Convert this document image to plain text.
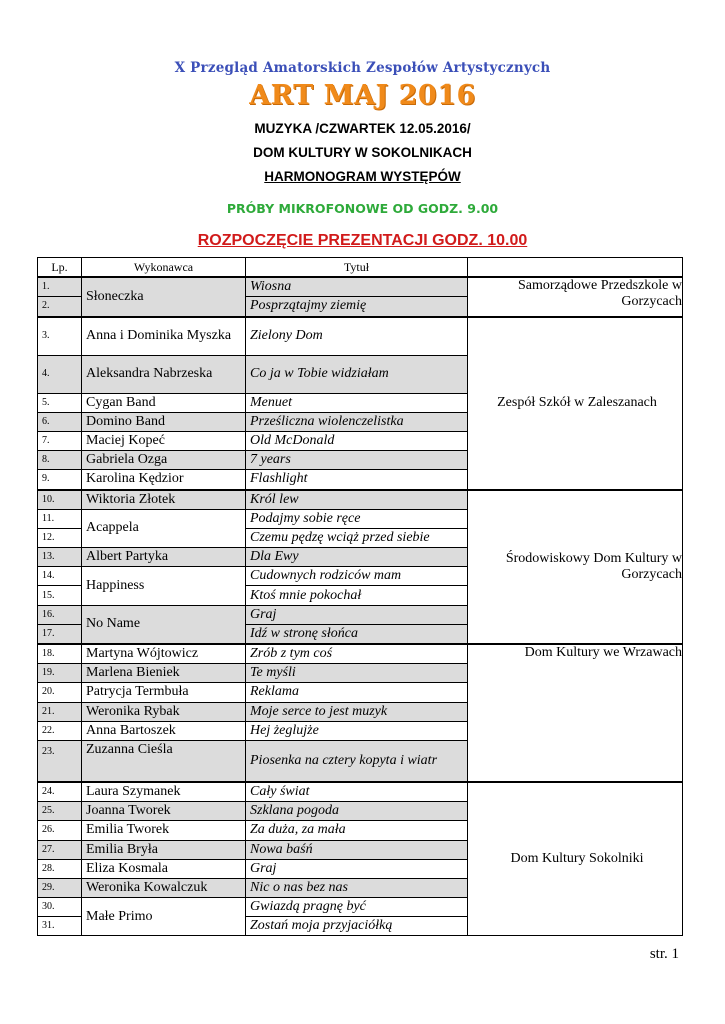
X Przegląd Amatorskich Zespołów Artystycznych
ART MAJ 2016
MUZYKA /CZWARTEK 12.05.2016/
DOM KULTURY W SOKOLNIKACH
HARMONOGRAM WYSTĘPÓW
PRÓBY MIKROFONOWE OD GODZ. 9.00
ROZPOCZĘCIE PREZENTACJI GODZ. 10.00
Lp.	Wykonawca	Tytuł	
1.	Słoneczka	Wiosna	Samorządowe Przedszkole w Gorzycach
2.		Posprzątajmy ziemię	
3.	Anna i Dominika Myszka	Zielony Dom	Zespół Szkół w Zaleszanach
4.	Aleksandra Nabrzeska	Co ja w Tobie widziałam	
5.	Cygan Band	Menuet	
6.	Domino Band	Prześliczna wiolenczelistka	
7.	Maciej Kopeć	Old McDonald	
8.	Gabriela Ozga	7 years	
9.	Karolina Kędzior	Flashlight	
10.	Wiktoria Złotek	Król lew	Środowiskowy Dom Kultury w Gorzycach
11.	Acappela	Podajmy sobie ręce	
12.		Czemu pędzę wciąż przed siebie	
13.	Albert Partyka	Dla Ewy	
14.	Happiness	Cudownych rodziców mam	
15.		Ktoś mnie pokochał	
16.	No Name	Graj	
17.		Idź w stronę słońca	
18.	Martyna Wójtowicz	Zrób z tym coś	Dom Kultury we Wrzawach
19.	Marlena Bieniek	Te myśli	
20.	Patrycja Termbuła	Reklama	
21.	Weronika Rybak	Moje serce to jest muzyk	
22.	Anna Bartoszek	Hej żeglujże	
23.	Zuzanna Cieśla	Piosenka na cztery kopyta i wiatr	
24.	Laura Szymanek	Cały świat	Dom Kultury Sokolniki
25.	Joanna Tworek	Szklana pogoda	
26.	Emilia Tworek	Za duża, za mała	
27.	Emilia Bryła	Nowa baśń	
28.	Eliza Kosmala	Graj	
29.	Weronika Kowalczuk	Nic o nas bez nas	
30.	Małe Primo	Gwiazdą pragnę być	
31.		Zostań moja przyjaciółką	
str. 1
